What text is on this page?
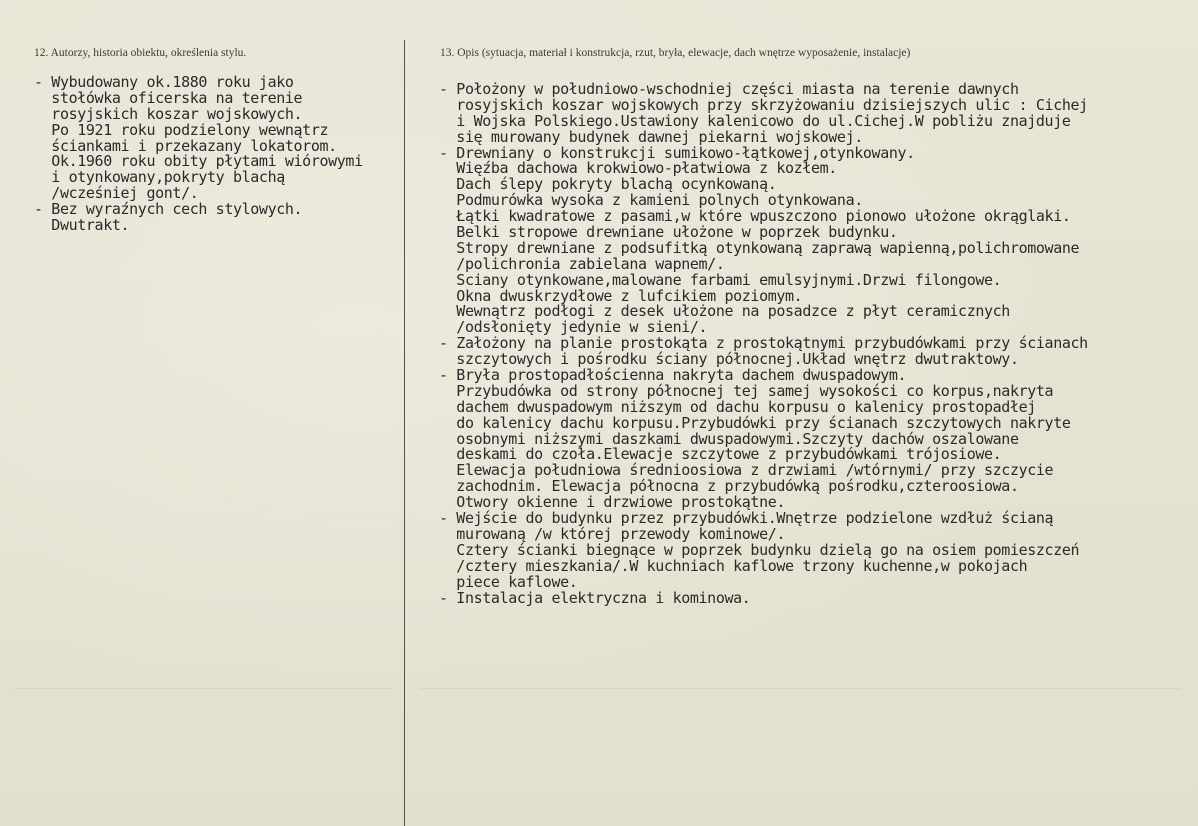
12. Autorzy, historia obiektu, określenia stylu.	13. Opis (sytuacja, materiał i konstrukcja, rzut, bryła, elewacje, dach wnętrze wyposażenie, instalacje)
- Wybudowany ok.1880 roku jako
stołówka oficerska na terenie
rosyjskich koszar wojskowych.
Po 1921 roku podzielony wewnątrz
ściankami i przekazany lokatorom.
Ok.1960 roku obity płytami wiórowymi
i otynkowany,pokryty blachą
/wcześniej gont/.
- Bez wyraźnych cech stylowych.
Dwutrakt.
- Położony w południowo-wschodniej części miasta na terenie dawnych
rosyjskich koszar wojskowych przy skrzyżowaniu dzisiejszych ulic : Cichej
i Wojska Polskiego.Ustawiony kalenicowo do ul.Cichej.W pobliżu znajduje
się murowany budynek dawnej piekarni wojskowej.
- Drewniany o konstrukcji sumikowo-łątkowej,otynkowany.
Więźba dachowa krokwiowo-płatwiowa z kozłem.
Dach ślepy pokryty blachą ocynkowaną.
Podmurówka wysoka z kamieni polnych otynkowana.
Łątki kwadratowe z pasami,w które wpuszczono pionowo ułożone okrąglaki.
Belki stropowe drewniane ułożone w poprzek budynku.
Stropy drewniane z podsufitką otynkowaną zaprawą wapienną,polichromowane
/polichronia zabielana wapnem/.
Sciany otynkowane,malowane farbami emulsyjnymi.Drzwi filongowe.
Okna dwuskrzydłowe z lufcikiem poziomym.
Wewnątrz podłogi z desek ułożone na posadzce z płyt ceramicznych
/odsłonięty jedynie w sieni/.
- Założony na planie prostokąta z prostokątnymi przybudówkami przy ścianach
szczytowych i pośrodku ściany północnej.Układ wnętrz dwutraktowy.
- Bryła prostopadłościenna nakryta dachem dwuspadowym.
Przybudówka od strony północnej tej samej wysokości co korpus,nakryta
dachem dwuspadowym niższym od dachu korpusu o kalenicy prostopadłej
do kalenicy dachu korpusu.Przybudówki przy ścianach szczytowych nakryte
osobnymi niższymi daszkami dwuspadowymi.Szczyty dachów oszalowane
deskami do czoła.Elewacje szczytowe z przybudówkami trójosiowe.
Elewacja południowa średnioosiowa z drzwiami /wtórnymi/ przy szczycie
zachodnim. Elewacja północna z przybudówką pośrodku,czteroosiowa.
Otwory okienne i drzwiowe prostokątne.
- Wejście do budynku przez przybudówki.Wnętrze podzielone wzdłuż ścianą
murowaną /w której przewody kominowe/.
Cztery ścianki biegnące w poprzek budynku dzielą go na osiem pomieszczeń
/cztery mieszkania/.W kuchniach kaflowe trzony kuchenne,w pokojach
piece kaflowe.
- Instalacja elektryczna i kominowa.
